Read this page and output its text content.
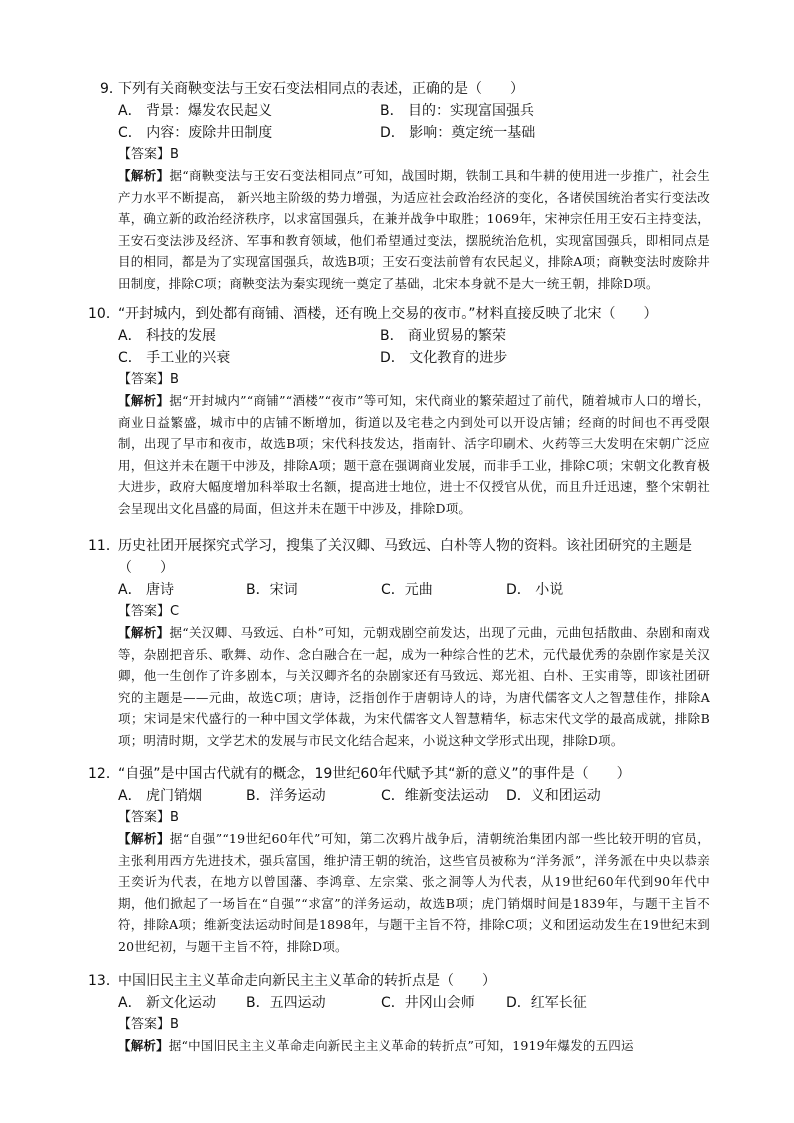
9．
下列有关商鞅变法与王安石变法相同点的表述，正确的是（　　）
A． 背景：爆发农民起义	B． 目的：实现富国强兵
C． 内容：废除井田制度	D． 影响：奠定统一基础
【答案】B
【解析】据“商鞅变法与王安石变法相同点”可知，战国时期，铁制工具和牛耕的使用进一步推广，社会生产力水平不断提高， 新兴地主阶级的势力增强，为适应社会政治经济的变化，各诸侯国统治者实行变法改革，确立新的政治经济秩序，以求富国强兵，在兼并战争中取胜；1069年，宋神宗任用王安石主持变法，王安石变法涉及经济、军事和教育领域，他们希望通过变法，摆脱统治危机，实现富国强兵，即相同点是目的相同，都是为了实现富国强兵，故选B项；王安石变法前曾有农民起义，排除A项；商鞅变法时废除井田制度，排除C项；商鞅变法为秦实现统一奠定了基础，北宋本身就不是大一统王朝，排除D项。
10．
“开封城内，到处都有商铺、酒楼，还有晚上交易的夜市。”材料直接反映了北宋（　　）
A． 科技的发展	B． 商业贸易的繁荣
C． 手工业的兴衰	D． 文化教育的进步
【答案】B
【解析】据“开封城内”“商铺”“酒楼”“夜市”等可知，宋代商业的繁荣超过了前代，随着城市人口的增长，商业日益繁盛，城市中的店铺不断增加，街道以及宅巷之内到处可以开设店铺；经商的时间也不再受限制，出现了早市和夜市，故选B项；宋代科技发达，指南针、活字印刷术、火药等三大发明在宋朝广泛应用，但这并未在题干中涉及，排除A项；题干意在强调商业发展，而非手工业，排除C项；宋朝文化教育极大进步，政府大幅度增加科举取士名额，提高进士地位，进士不仅授官从优，而且升迁迅速，整个宋朝社会呈现出文化昌盛的局面，但这并未在题干中涉及，排除D项。
11．
历史社团开展探究式学习，搜集了关汉卿、马致远、白朴等人物的资料。该社团研究的主题是（　　）
A． 唐诗	B．宋词	C．元曲	D． 小说
【答案】C
【解析】据“关汉卿、马致远、白朴”可知，元朝戏剧空前发达，出现了元曲，元曲包括散曲、杂剧和南戏等，杂剧把音乐、歌舞、动作、念白融合在一起，成为一种综合性的艺术，元代最优秀的杂剧作家是关汉卿，他一生创作了许多剧本，与关汉卿齐名的杂剧家还有马致远、郑光祖、白朴、王实甫等，即该社团研究的主题是——元曲，故选C项；唐诗，泛指创作于唐朝诗人的诗，为唐代儒客文人之智慧佳作，排除A项；宋词是宋代盛行的一种中国文学体裁，为宋代儒客文人智慧精华，标志宋代文学的最高成就，排除B项；明清时期，文学艺术的发展与市民文化结合起来，小说这种文学形式出现，排除D项。
12．
“自强”是中国古代就有的概念，19世纪60年代赋予其“新的意义”的事件是（　　）
A． 虎门销烟	B．洋务运动	C．维新变法运动	D．义和团运动
【答案】B
【解析】据“自强”“19世纪60年代”可知，第二次鸦片战争后，清朝统治集团内部一些比较开明的官员，主张利用西方先进技术，强兵富国，维护清王朝的统治，这些官员被称为“洋务派”，洋务派在中央以恭亲王奕䜣为代表，在地方以曾国藩、李鸿章、左宗棠、张之洞等人为代表，从19世纪60年代到90年代中期，他们掀起了一场旨在“自强”“求富”的洋务运动，故选B项；虎门销烟时间是1839年，与题干主旨不符，排除A项；维新变法运动时间是1898年，与题干主旨不符，排除C项；义和团运动发生在19世纪末到20世纪初，与题干主旨不符，排除D项。
13．
中国旧民主主义革命走向新民主主义革命的转折点是（　　）
A． 新文化运动	B．五四运动	C．井冈山会师	D．红军长征
【答案】B
【解析】据“中国旧民主主义革命走向新民主主义革命的转折点”可知，1919年爆发的五四运
